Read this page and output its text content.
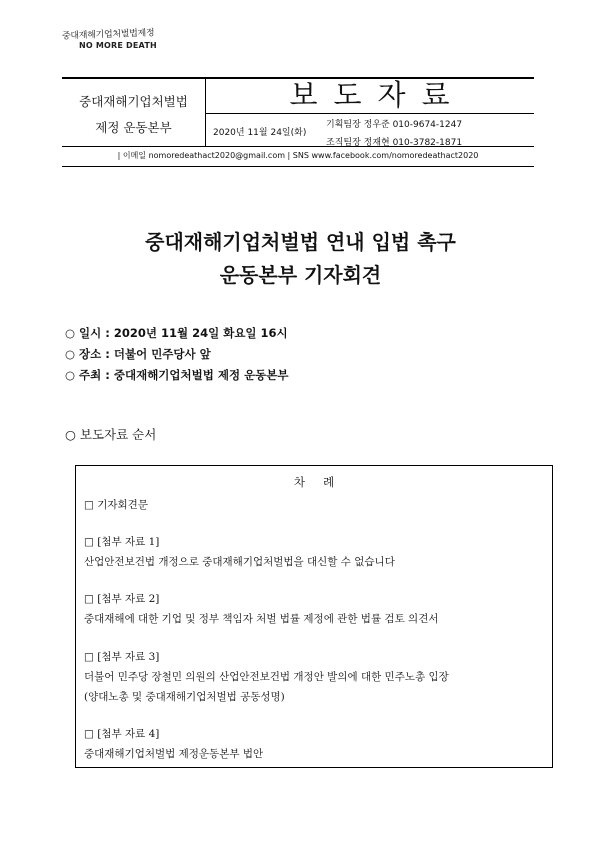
중대재해기업처벌법제정
NO MORE DEATH
중대재해기업처벌법
제정 운동본부
보도자료
2020년 11월 24일(화)
기획팀장 정우준 010-9674-1247
조직팀장 정재현 010-3782-1871
| 이메일 nomoredeathact2020@gmail.com | SNS www.facebook.com/nomoredeathact2020
중대재해기업처벌법 연내 입법 촉구
운동본부 기자회견
○ 일시 : 2020년 11월 24일 화요일 16시
○ 장소 : 더불어 민주당사 앞
○ 주최 : 중대재해기업처벌법 제정 운동본부
○ 보도자료 순서
차례
□ 기자회견문
□ [첨부 자료 1]
산업안전보건법 개정으로 중대재해기업처벌법을 대신할 수 없습니다
□ [첨부 자료 2]
중대재해에 대한 기업 및 정부 책임자 처벌 법률 제정에 관한 법률 검토 의견서
□ [첨부 자료 3]
더불어 민주당 장철민 의원의 산업안전보건법 개정안 발의에 대한 민주노총 입장
(양대노총 및 중대재해기업처벌법 공동성명)
□ [첨부 자료 4]
중대재해기업처벌법 제정운동본부 법안
